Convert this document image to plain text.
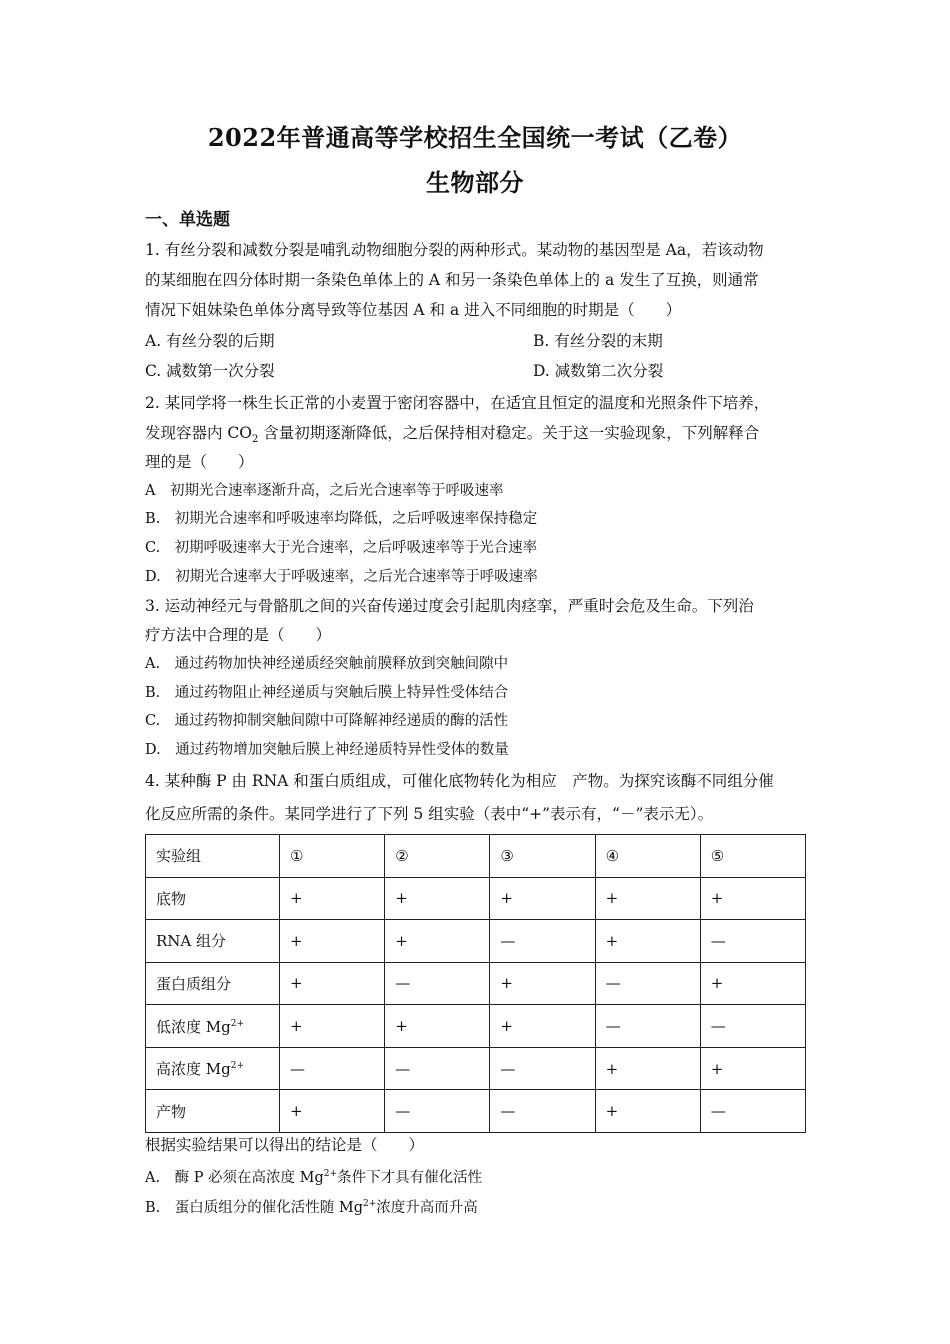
2022年普通高等学校招生全国统一考试（乙卷）
生物部分
一、单选题
1. 有丝分裂和减数分裂是哺乳动物细胞分裂的两种形式。某动物的基因型是 Aa，若该动物
的某细胞在四分体时期一条染色单体上的 A 和另一条染色单体上的 a 发生了互换，则通常
情况下姐妹染色单体分离导致等位基因 A 和 a 进入不同细胞的时期是（　　）
A. 有丝分裂的后期	B. 有丝分裂的末期
C. 减数第一次分裂	D. 减数第二次分裂
2. 某同学将一株生长正常的小麦置于密闭容器中，在适宜且恒定的温度和光照条件下培养，
发现容器内 $CO_2$ 含量初期逐渐降低，之后保持相对稳定。关于这一实验现象，下列解释合
理的是（　　）
A　初期光合速率逐渐升高，之后光合速率等于呼吸速率
B.　初期光合速率和呼吸速率均降低，之后呼吸速率保持稳定
C.　初期呼吸速率大于光合速率，之后呼吸速率等于光合速率
D.　初期光合速率大于呼吸速率，之后光合速率等于呼吸速率
3. 运动神经元与骨骼肌之间的兴奋传递过度会引起肌肉痉挛，严重时会危及生命。下列治
疗方法中合理的是（　　）
A.　通过药物加快神经递质经突触前膜释放到突触间隙中
B.　通过药物阻止神经递质与突触后膜上特异性受体结合
C.　通过药物抑制突触间隙中可降解神经递质的酶的活性
D.　通过药物增加突触后膜上神经递质特异性受体的数量
4. 某种酶 P 由 RNA 和蛋白质组成，可催化底物转化为相应　产物。为探究该酶不同组分催
化反应所需的条件。某同学进行了下列 5 组实验（表中“+”表示有，“－”表示无）。
实验组	①	②	③	④	⑤
底物	+	+	+	+	+
RNA 组分	+	+	—	+	—
蛋白质组分	+	—	+	—	+
低浓度 $Mg^{2+}$	+	+	+	—	—
高浓度 $Mg^{2+}$	—	—	—	+	+
产物	+	—	—	+	—
根据实验结果可以得出的结论是（　　）
A.　酶 P 必须在高浓度 $Mg^{2+}$条件下才具有催化活性
B.　蛋白质组分的催化活性随 $Mg^{2+}$浓度升高而升高
